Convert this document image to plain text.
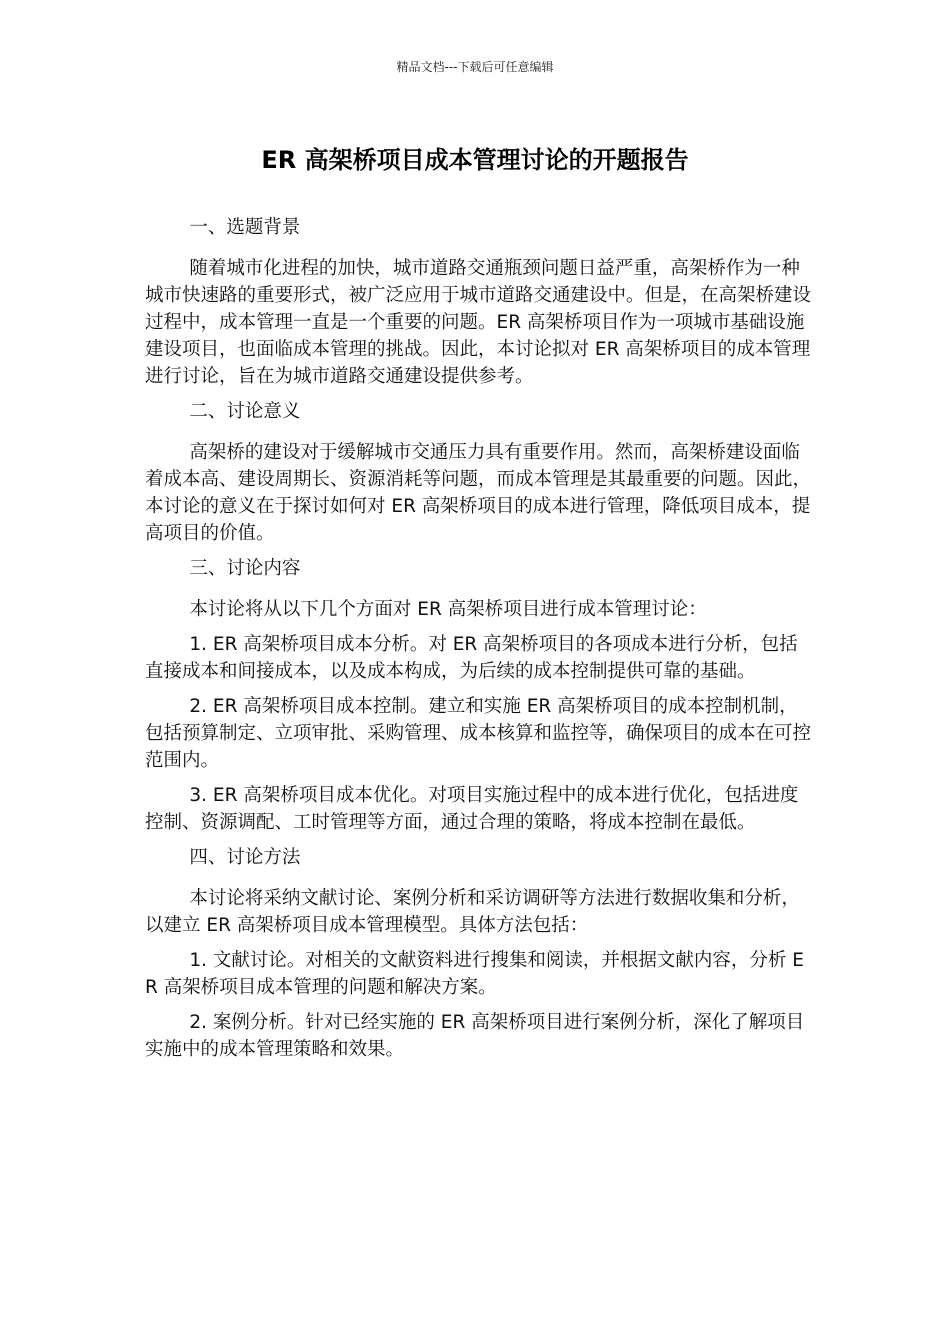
精品文档---下载后可任意编辑
ER 高架桥项目成本管理讨论的开题报告

一、选题背景

随着城市化进程的加快，城市道路交通瓶颈问题日益严重，高架桥作为一种城市快速路的重要形式，被广泛应用于城市道路交通建设中。但是，在高架桥建设过程中，成本管理一直是一个重要的问题。ER 高架桥项目作为一项城市基础设施建设项目，也面临成本管理的挑战。因此，本讨论拟对 ER 高架桥项目的成本管理进行讨论，旨在为城市道路交通建设提供参考。

二、讨论意义

高架桥的建设对于缓解城市交通压力具有重要作用。然而，高架桥建设面临着成本高、建设周期长、资源消耗等问题，而成本管理是其最重要的问题。因此，本讨论的意义在于探讨如何对 ER 高架桥项目的成本进行管理，降低项目成本，提高项目的价值。

三、讨论内容

本讨论将从以下几个方面对 ER 高架桥项目进行成本管理讨论：

1. ER 高架桥项目成本分析。对 ER 高架桥项目的各项成本进行分析，包括直接成本和间接成本，以及成本构成，为后续的成本控制提供可靠的基础。

2. ER 高架桥项目成本控制。建立和实施 ER 高架桥项目的成本控制机制，包括预算制定、立项审批、采购管理、成本核算和监控等，确保项目的成本在可控范围内。

3. ER 高架桥项目成本优化。对项目实施过程中的成本进行优化，包括进度控制、资源调配、工时管理等方面，通过合理的策略，将成本控制在最低。

四、讨论方法

本讨论将采纳文献讨论、案例分析和采访调研等方法进行数据收集和分析，以建立 ER 高架桥项目成本管理模型。具体方法包括：

1. 文献讨论。对相关的文献资料进行搜集和阅读，并根据文献内容，分析 ER 高架桥项目成本管理的问题和解决方案。

2. 案例分析。针对已经实施的 ER 高架桥项目进行案例分析，深化了解项目实施中的成本管理策略和效果。
